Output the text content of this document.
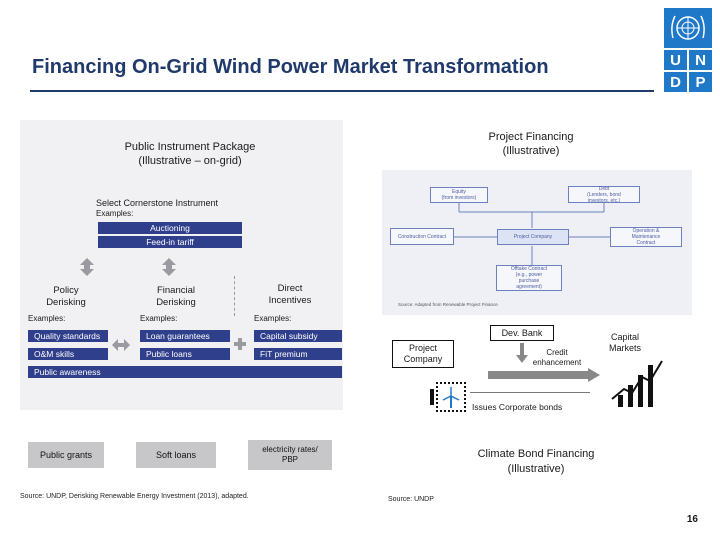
Financing On-Grid Wind Power Market Transformation	U N
D P
Public Instrument Package
(Illustrative – on-grid)
Select Cornerstone Instrument
Examples:
Auctioning
Feed-in tariff
Policy
Derisking
Financial
Derisking
Direct
Incentives
Examples:	Examples:	Examples:
Quality standards
O&M skills
Public awareness
Loan guarantees
Public loans
Capital subsidy
FiT premium
Public grants	Soft loans
electricity rates/
PBP
Source: UNDP, Derisking Renewable Energy Investment (2013), adapted.
Project Financing
(Illustrative)
Equity
(from investors)
Debt
(Lenders, bond
investors, etc.)
Construction Contract	Project Company
Operation &
Maintenance
Contract
Offtake Contract
(e.g., power
purchase
agreement)
Source: Adapted from Renewable Project Finance
Dev. Bank
Project
Company
Credit
enhancement
Capital
Markets
Issues Corporate bonds
Climate Bond Financing
(Illustrative)
Source: UNDP
16
